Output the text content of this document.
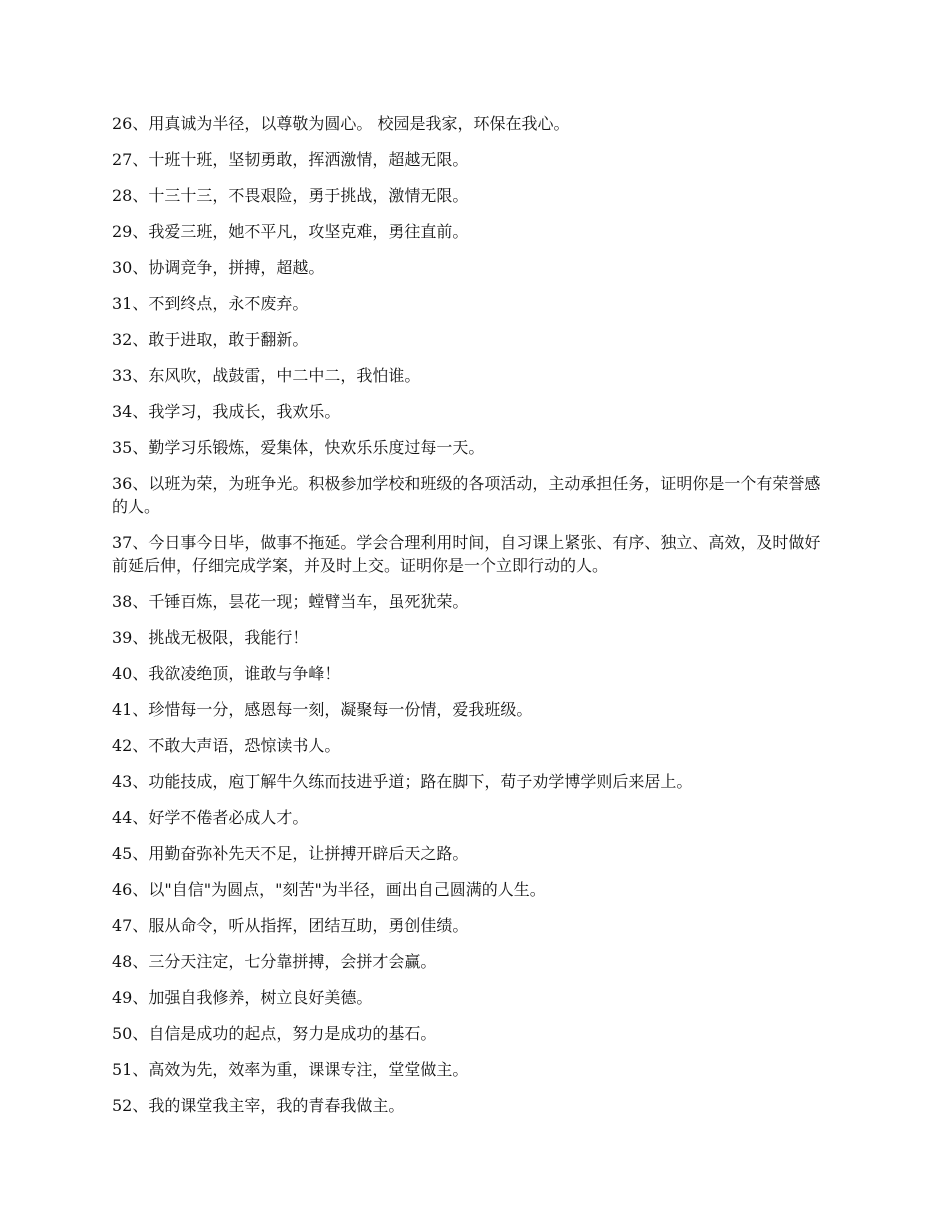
26、用真诚为半径，以尊敬为圆心。 校园是我家，环保在我心。

27、十班十班，坚韧勇敢，挥洒激情，超越无限。

28、十三十三，不畏艰险，勇于挑战，激情无限。

29、我爱三班，她不平凡，攻坚克难，勇往直前。

30、协调竞争，拼搏，超越。

31、不到终点，永不废弃。

32、敢于进取，敢于翻新。

33、东风吹，战鼓雷，中二中二，我怕谁。

34、我学习，我成长，我欢乐。

35、勤学习乐锻炼，爱集体，快欢乐乐度过每一天。

36、以班为荣，为班争光。积极参加学校和班级的各项活动，主动承担任务，证明你是一个有荣誉感的人。

37、今日事今日毕，做事不拖延。学会合理利用时间，自习课上紧张、有序、独立、高效，及时做好前延后伸，仔细完成学案，并及时上交。证明你是一个立即行动的人。

38、千锤百炼，昙花一现；螳臂当车，虽死犹荣。

39、挑战无极限，我能行！

40、我欲凌绝顶，谁敢与争峰！

41、珍惜每一分，感恩每一刻，凝聚每一份情，爱我班级。

42、不敢大声语，恐惊读书人。

43、功能技成，庖丁解牛久练而技进乎道；路在脚下，荀子劝学博学则后来居上。

44、好学不倦者必成人才。

45、用勤奋弥补先天不足，让拼搏开辟后天之路。

46、以"自信"为圆点，"刻苦"为半径，画出自己圆满的人生。

47、服从命令，听从指挥，团结互助，勇创佳绩。

48、三分天注定，七分靠拼搏，会拼才会赢。

49、加强自我修养，树立良好美德。

50、自信是成功的起点，努力是成功的基石。

51、高效为先，效率为重，课课专注，堂堂做主。

52、我的课堂我主宰，我的青春我做主。
